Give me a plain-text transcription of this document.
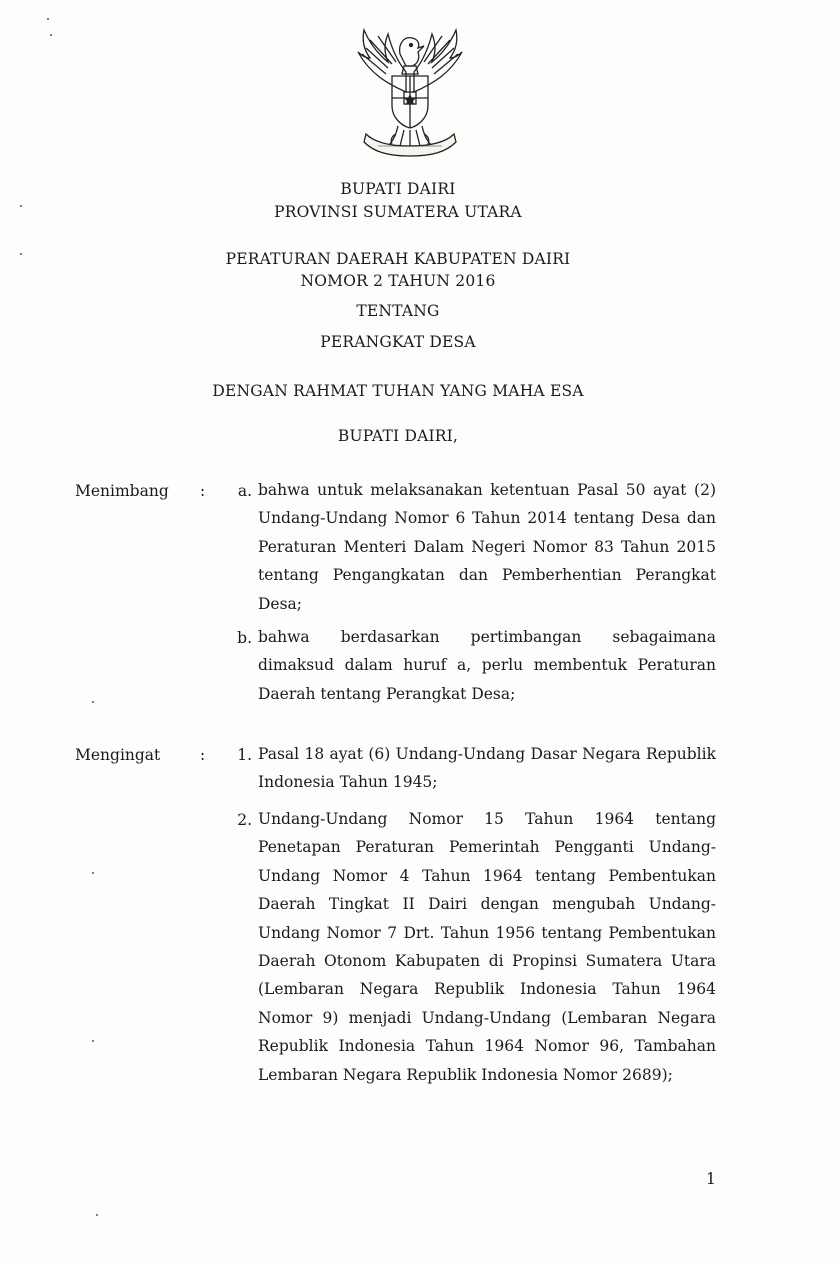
BUPATI DAIRI
PROVINSI SUMATERA UTARA
PERATURAN DAERAH KABUPATEN DAIRI
NOMOR 2 TAHUN 2016
TENTANG
PERANGKAT DESA
DENGAN RAHMAT TUHAN YANG MAHA ESA
BUPATI DAIRI,
Menimbang :	a. bahwa untuk melaksanakan ketentuan Pasal 50 ayat (2) Undang-Undang Nomor 6 Tahun 2014 tentang Desa dan Peraturan Menteri Dalam Negeri Nomor 83 Tahun 2015 tentang Pengangkatan dan Pemberhentian Perangkat Desa;
b. bahwa berdasarkan pertimbangan sebagaimana dimaksud dalam huruf a, perlu membentuk Peraturan Daerah tentang Perangkat Desa;
Mengingat	:	1. Pasal 18 ayat (6) Undang-Undang Dasar Negara Republik Indonesia Tahun 1945;
2. Undang-Undang Nomor 15 Tahun 1964 tentang Penetapan Peraturan Pemerintah Pengganti Undang-Undang Nomor 4 Tahun 1964 tentang Pembentukan Daerah Tingkat II Dairi dengan mengubah Undang-Undang Nomor 7 Drt. Tahun 1956 tentang Pembentukan Daerah Otonom Kabupaten di Propinsi Sumatera Utara (Lembaran Negara Republik Indonesia Tahun 1964 Nomor 9) menjadi Undang-Undang (Lembaran Negara Republik Indonesia Tahun 1964 Nomor 96, Tambahan Lembaran Negara Republik Indonesia Nomor 2689);
1
